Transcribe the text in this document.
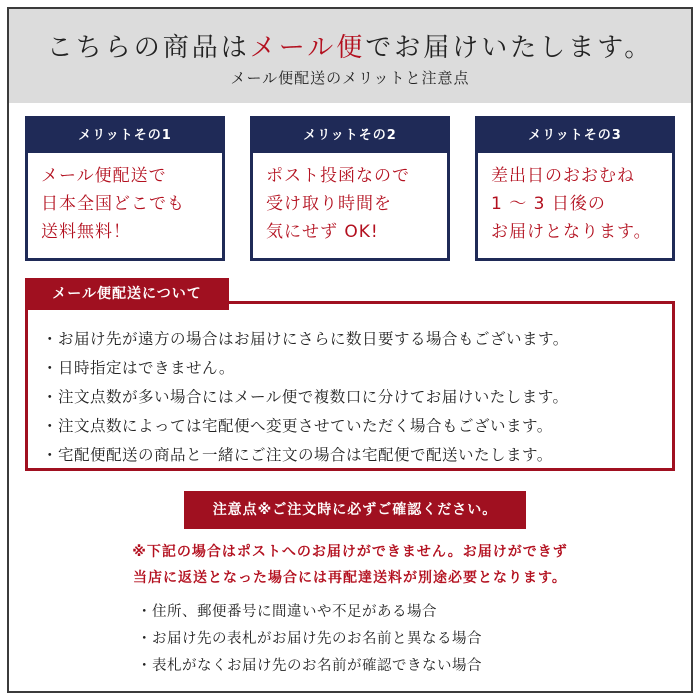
こちらの商品はメール便でお届けいたします。
メール便配送のメリットと注意点
メリットその1
メール便配送で
日本全国どこでも
送料無料！
メリットその2
ポスト投函なので
受け取り時間を
気にせず OK!
メリットその3
差出日のおおむね
1 〜 3 日後の
お届けとなります。
・お届け先が遠方の場合はお届けにさらに数日要する場合もございます。
・日時指定はできません。
・注文点数が多い場合にはメール便で複数口に分けてお届けいたします。
・注文点数によっては宅配便へ変更させていただく場合もございます。
・宅配便配送の商品と一緒にご注文の場合は宅配便で配送いたします。
メール便配送について
注意点※ご注文時に必ずご確認ください。
※下記の場合はポストへのお届けができません。お届けができず
当店に返送となった場合には再配達送料が別途必要となります。
・住所、郵便番号に間違いや不足がある場合
・お届け先の表札がお届け先のお名前と異なる場合
・表札がなくお届け先のお名前が確認できない場合
